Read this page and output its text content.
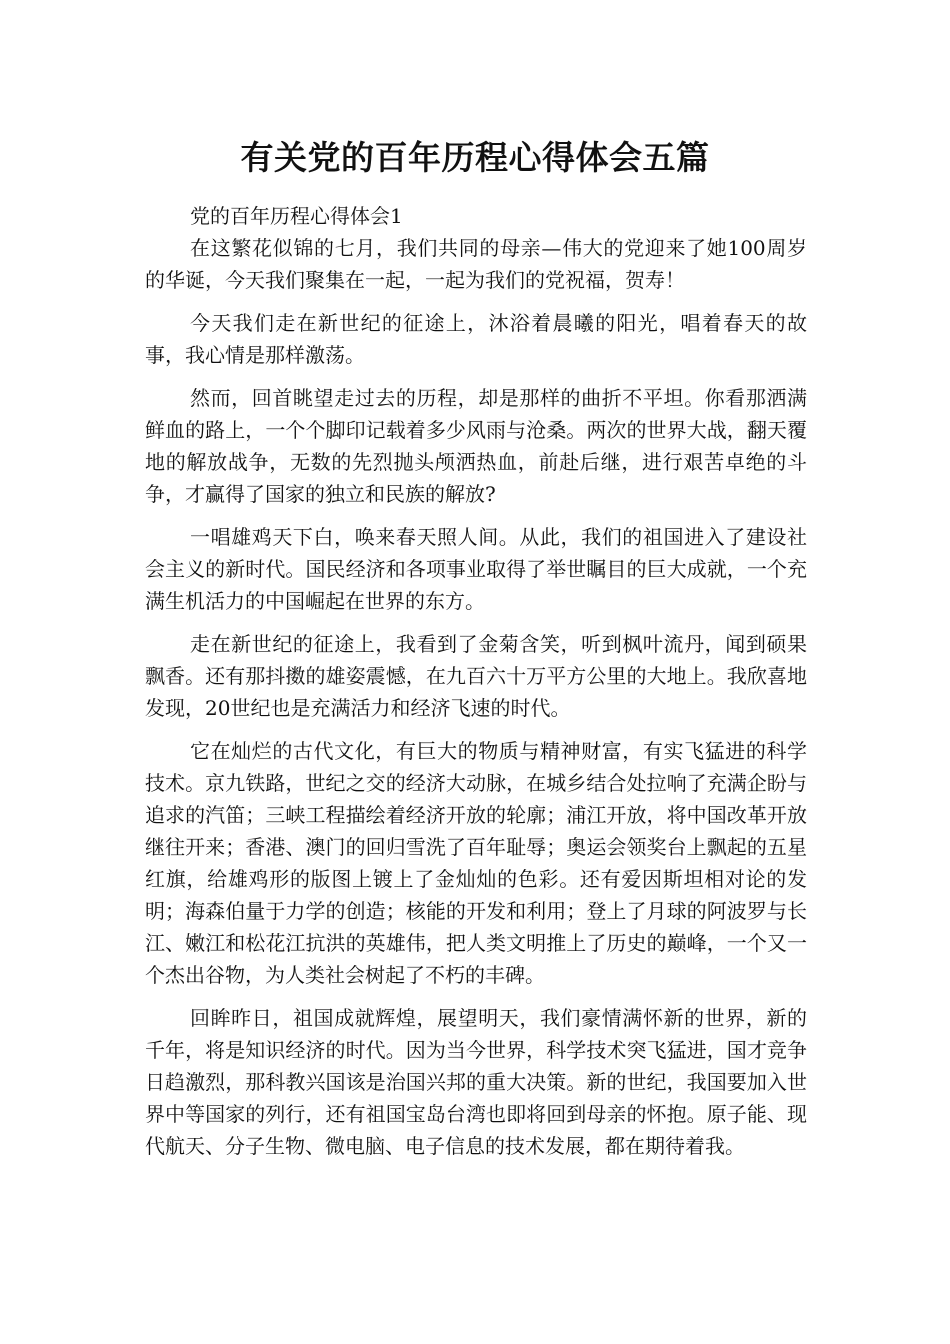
有关党的百年历程心得体会五篇

党的百年历程心得体会1

在这繁花似锦的七月，我们共同的母亲—伟大的党迎来了她100周岁的华诞，今天我们聚集在一起，一起为我们的党祝福，贺寿！

今天我们走在新世纪的征途上，沐浴着晨曦的阳光，唱着春天的故事，我心情是那样激荡。

然而，回首眺望走过去的历程，却是那样的曲折不平坦。你看那洒满鲜血的路上，一个个脚印记载着多少风雨与沧桑。两次的世界大战，翻天覆地的解放战争，无数的先烈抛头颅洒热血，前赴后继，进行艰苦卓绝的斗争，才赢得了国家的独立和民族的解放?

一唱雄鸡天下白，唤来春天照人间。从此，我们的祖国进入了建设社会主义的新时代。国民经济和各项事业取得了举世瞩目的巨大成就，一个充满生机活力的中国崛起在世界的东方。

走在新世纪的征途上，我看到了金菊含笑，听到枫叶流丹，闻到硕果飘香。还有那抖擞的雄姿震憾，在九百六十万平方公里的大地上。我欣喜地发现，20世纪也是充满活力和经济飞速的时代。

它在灿烂的古代文化，有巨大的物质与精神财富，有实飞猛进的科学技术。京九铁路，世纪之交的经济大动脉，在城乡结合处拉响了充满企盼与追求的汽笛；三峡工程描绘着经济开放的轮廓；浦江开放，将中国改革开放继往开来；香港、澳门的回归雪洗了百年耻辱；奥运会领奖台上飘起的五星红旗，给雄鸡形的版图上镀上了金灿灿的色彩。还有爱因斯坦相对论的发明；海森伯量于力学的创造；核能的开发和利用；登上了月球的阿波罗与长江、嫩江和松花江抗洪的英雄伟，把人类文明推上了历史的巅峰，一个又一个杰出谷物，为人类社会树起了不朽的丰碑。

回眸昨日，祖国成就辉煌，展望明天，我们豪情满怀新的世界，新的千年，将是知识经济的时代。因为当今世界，科学技术突飞猛进，国才竞争日趋激烈，那科教兴国该是治国兴邦的重大决策。新的世纪，我国要加入世界中等国家的列行，还有祖国宝岛台湾也即将回到母亲的怀抱。原子能、现代航天、分子生物、微电脑、电子信息的技术发展，都在期待着我。
